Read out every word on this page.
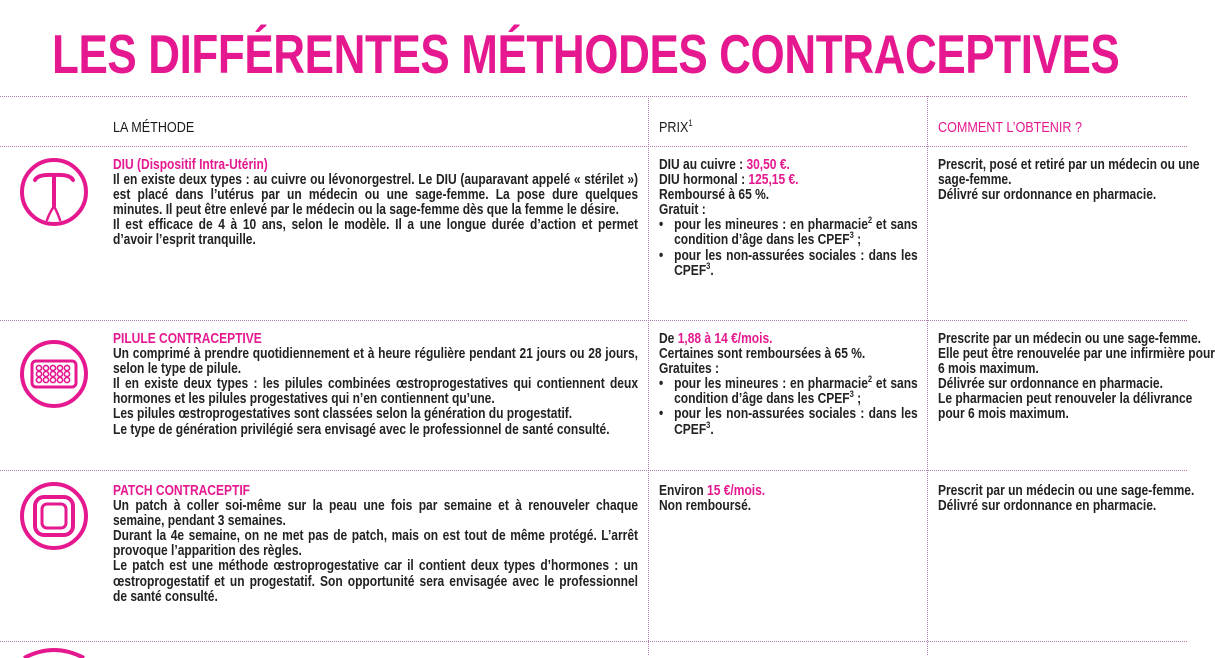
LES DIFFÉRENTES MÉTHODES CONTRACEPTIVES
LA MÉTHODE	PRIX$^1$	COMMENT L’OBTENIR ?

DIU (Dispositif Intra-Utérin)

Il en existe deux types : au cuivre ou lévonorgestrel. Le DIU (auparavant appelé « stérilet ») est placé dans l’utérus par un médecin ou une sage-femme. La pose dure quelques minutes. Il peut être enlevé par le médecin ou la sage-femme dès que la femme le désire.

Il est efficace de 4 à 10 ans, selon le modèle. Il a une longue durée d’action et permet d’avoir l’esprit tranquille.

DIU au cuivre : 30,50 €.

DIU hormonal : 125,15 €.

Remboursé à 65 %.

Gratuit :

• pour les mineures : en pharmacie$^2$ et sans condition d’âge dans les CPEF$^3$ ;
• pour les non-assurées sociales : dans les CPEF$^3$.

Prescrit, posé et retiré par un médecin ou une sage-femme.

Délivré sur ordonnance en pharmacie.

PILULE CONTRACEPTIVE

Un comprimé à prendre quotidiennement et à heure régulière pendant 21 jours ou 28 jours, selon le type de pilule.

Il en existe deux types : les pilules combinées œstroprogestatives qui contiennent deux hormones et les pilules progestatives qui n’en contiennent qu’une.

Les pilules œstroprogestatives sont classées selon la génération du progestatif.

Le type de génération privilégié sera envisagé avec le professionnel de santé consulté.

De 1,88 à 14 €/mois.

Certaines sont remboursées à 65 %.

Gratuites :

• pour les mineures : en pharmacie$^2$ et sans condition d’âge dans les CPEF$^3$ ;
• pour les non-assurées sociales : dans les CPEF$^3$.

Prescrite par un médecin ou une sage-femme. Elle peut être renouvelée par une infirmière pour 6 mois maximum.

Délivrée sur ordonnance en pharmacie.

Le pharmacien peut renouveler la délivrance pour 6 mois maximum.

PATCH CONTRACEPTIF

Un patch à coller soi-même sur la peau une fois par semaine et à renouveler chaque semaine, pendant 3 semaines.

Durant la 4e semaine, on ne met pas de patch, mais on est tout de même protégé. L’arrêt provoque l’apparition des règles.

Le patch est une méthode œstroprogestative car il contient deux types d’hormones : un œstroprogestatif et un progestatif. Son opportunité sera envisagée avec le professionnel de santé consulté.

Environ 15 €/mois.

Non remboursé.

Prescrit par un médecin ou une sage-femme.

Délivré sur ordonnance en pharmacie.
